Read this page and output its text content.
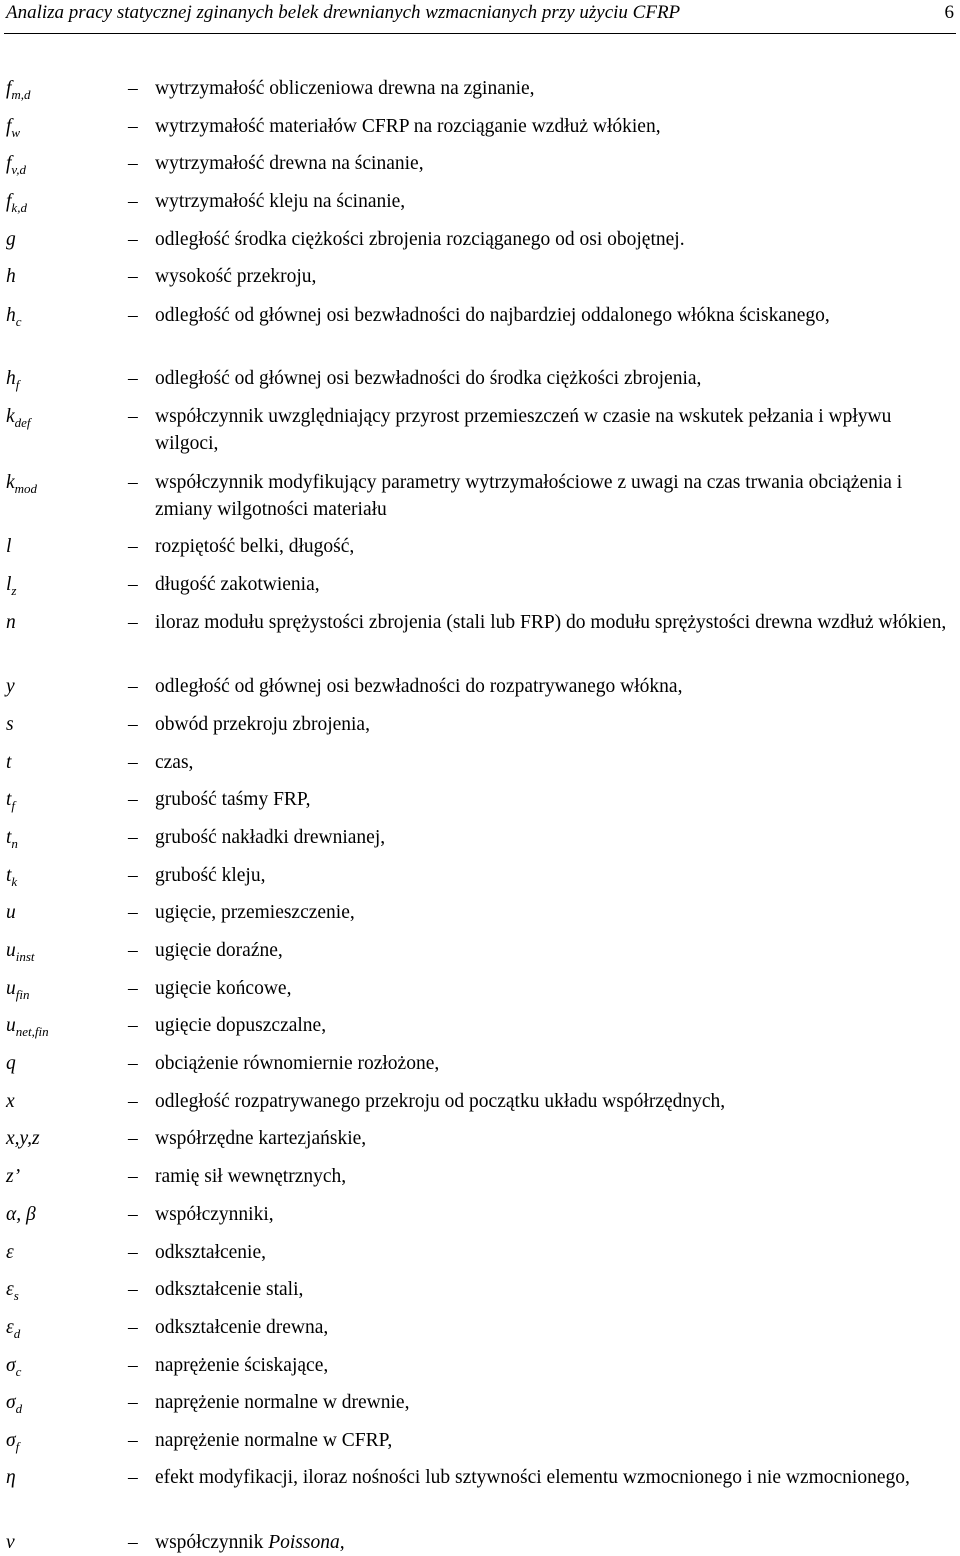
Analiza pracy statycznej zginanych belek drewnianych wzmacnianych przy użyciu CFRP	6
$f_{m,d}$	– wytrzymałość obliczeniowa drewna na zginanie,
$f_w$	– wytrzymałość materiałów CFRP na rozciąganie wzdłuż włókien,
$f_{v,d}$	– wytrzymałość drewna na ścinanie,
$f_{k,d}$	– wytrzymałość kleju na ścinanie,
g	– odległość środka ciężkości zbrojenia rozciąganego od osi obojętnej.
h	– wysokość przekroju,
$h_c$	– odległość od głównej osi bezwładności do najbardziej oddalonego włókna ściskanego,
$h_f$	– odległość od głównej osi bezwładności do środka ciężkości zbrojenia,
$k_{def}$	– współczynnik uwzględniający przyrost przemieszczeń w czasie na wskutek pełzania i wpływu wilgoci,
$k_{mod}$	– współczynnik modyfikujący parametry wytrzymałościowe z uwagi na czas trwania obciążenia i zmiany wilgotności materiału
l	– rozpiętość belki, długość,
$l_z$	– długość zakotwienia,
n	– iloraz modułu sprężystości zbrojenia (stali lub FRP) do modułu sprężystości drewna wzdłuż włókien,
y	– odległość od głównej osi bezwładności do rozpatrywanego włókna,
s	– obwód przekroju zbrojenia,
t	– czas,
$t_f$	– grubość taśmy FRP,
$t_n$	– grubość nakładki drewnianej,
$t_k$	– grubość kleju,
u	– ugięcie, przemieszczenie,
$u_{inst}$	– ugięcie doraźne,
$u_{fin}$	– ugięcie końcowe,
$u_{net,fin}$	– ugięcie dopuszczalne,
q	– obciążenie równomiernie rozłożone,
x	– odległość rozpatrywanego przekroju od początku układu współrzędnych,
x,y,z	– współrzędne kartezjańskie,
z’	– ramię sił wewnętrznych,
α, β	– współczynniki,
ε	– odkształcenie,
$\varepsilon_s$	– odkształcenie stali,
$\varepsilon_d$	– odkształcenie drewna,
$\sigma_c$	– naprężenie ściskające,
$\sigma_d$	– naprężenie normalne w drewnie,
$\sigma_f$	– naprężenie normalne w CFRP,
η	– efekt modyfikacji, iloraz nośności lub sztywności elementu wzmocnionego i nie wzmocnionego,
ν	– współczynnik Poissona,
